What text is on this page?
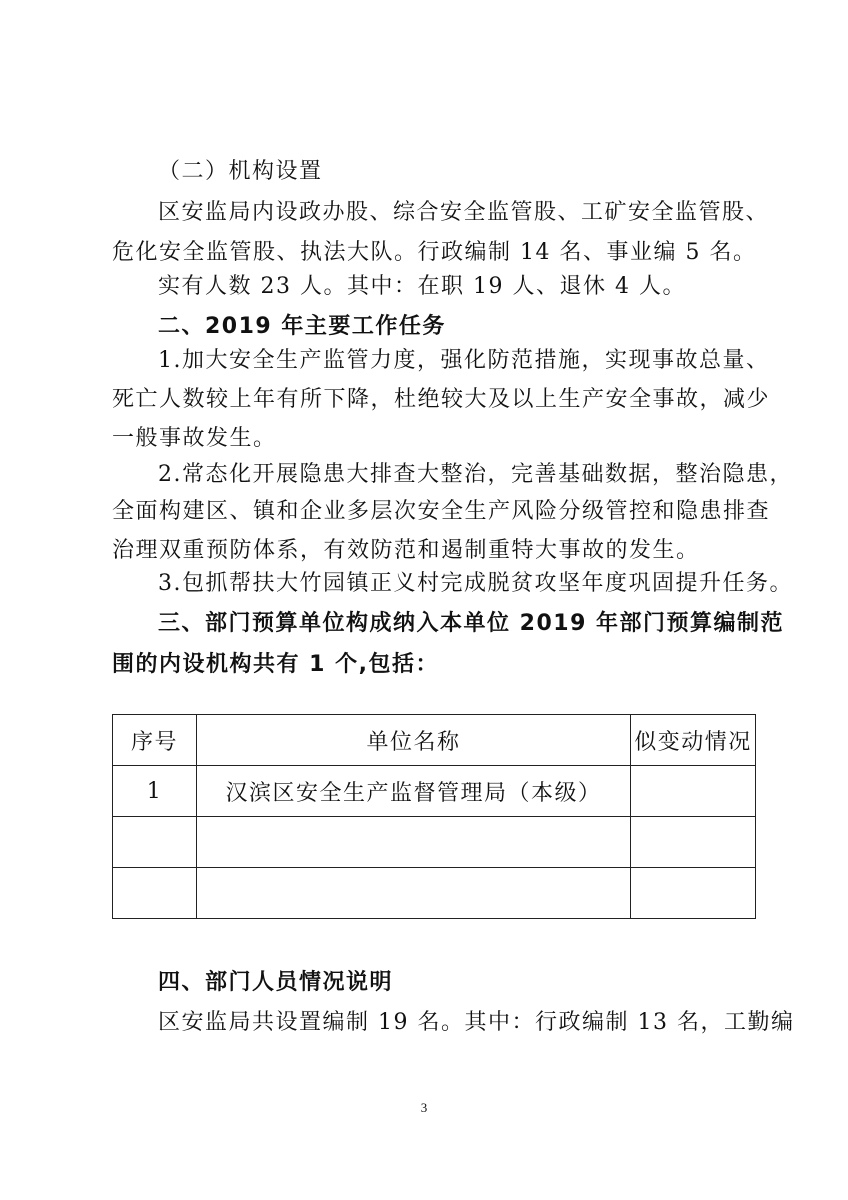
（二）机构设置
区安监局内设政办股、综合安全监管股、工矿安全监管股、
危化安全监管股、执法大队。行政编制 14 名、事业编 5 名。
实有人数 23 人。其中：在职 19 人、退休 4 人。
二、2019 年主要工作任务
1.加大安全生产监管力度，强化防范措施，实现事故总量、
死亡人数较上年有所下降，杜绝较大及以上生产安全事故，减少
一般事故发生。
2.常态化开展隐患大排查大整治，完善基础数据，整治隐患，
全面构建区、镇和企业多层次安全生产风险分级管控和隐患排查
治理双重预防体系，有效防范和遏制重特大事故的发生。
3.包抓帮扶大竹园镇正义村完成脱贫攻坚年度巩固提升任务。
三、部门预算单位构成纳入本单位 2019 年部门预算编制范
围的内设机构共有 1 个,包括：
序号	单位名称	似变动情况
1	汉滨区安全生产监督管理局（本级）	

四、部门人员情况说明
区安监局共设置编制 19 名。其中：行政编制 13 名，工勤编
3
